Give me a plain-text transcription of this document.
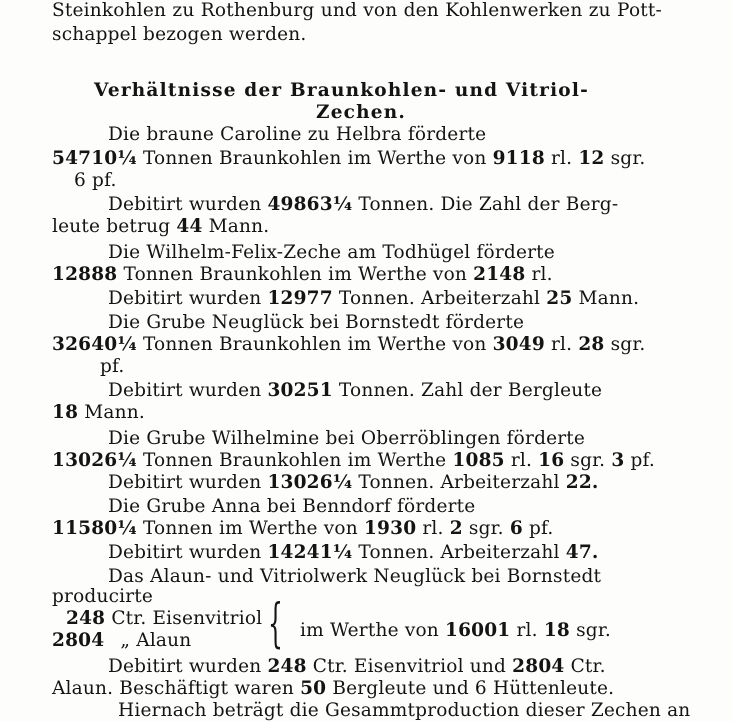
Steinkohlen zu Rothenburg und von den Kohlenwerken zu Pott-
schappel bezogen werden.
Verhältnisse der Braunkohlen- und Vitriol-
Zechen.
Die braune Caroline zu Helbra förderte
54710¼ Tonnen Braunkohlen im Werthe von 9118 rl. 12 sgr.
6 pf.
Debitirt wurden 49863¼ Tonnen. Die Zahl der Berg-
leute betrug 44 Mann.
Die Wilhelm-Felix-Zeche am Todhügel förderte
12888 Tonnen Braunkohlen im Werthe von 2148 rl.
Debitirt wurden 12977 Tonnen. Arbeiterzahl 25 Mann.
Die Grube Neuglück bei Bornstedt förderte
32640¼ Tonnen Braunkohlen im Werthe von 3049 rl. 28 sgr.
pf.
Debitirt wurden 30251 Tonnen. Zahl der Bergleute
18 Mann.
Die Grube Wilhelmine bei Oberröblingen förderte
13026¼ Tonnen Braunkohlen im Werthe 1085 rl. 16 sgr. 3 pf.
Debitirt wurden 13026¼ Tonnen. Arbeiterzahl 22.
Die Grube Anna bei Benndorf förderte
11580¼ Tonnen im Werthe von 1930 rl. 2 sgr. 6 pf.
Debitirt wurden 14241¼ Tonnen. Arbeiterzahl 47.
Das Alaun- und Vitriolwerk Neuglück bei Bornstedt
producirte
248 Ctr. Eisenvitriol
2804 „ Alaun { im Werthe von 16001 rl. 18 sgr.
Debitirt wurden 248 Ctr. Eisenvitriol und 2804 Ctr.
Alaun. Beschäftigt waren 50 Bergleute und 6 Hüttenleute.
Hiernach beträgt die Gesammtproduction dieser Zechen an
